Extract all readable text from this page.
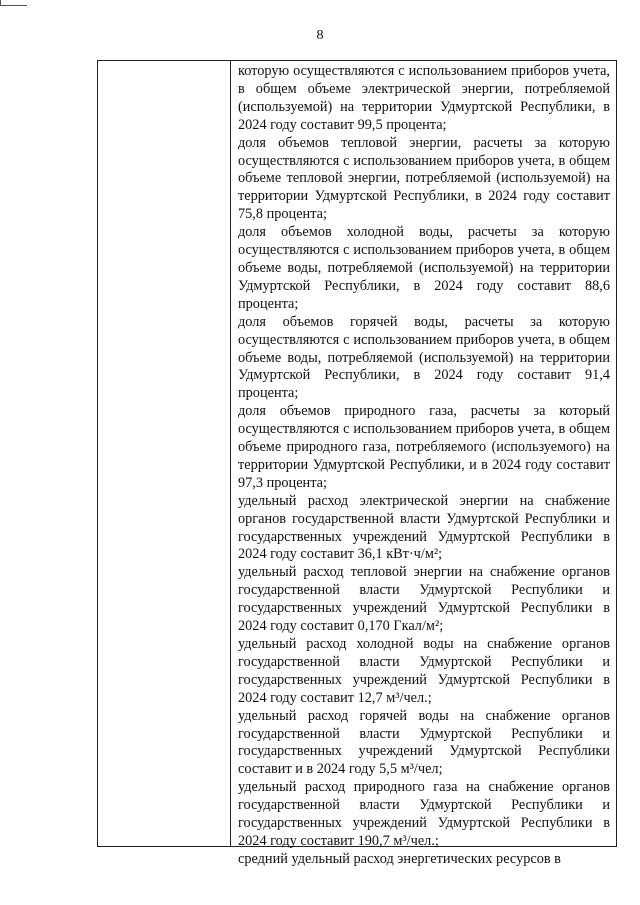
8

которую осуществляются с использованием приборов учета, в общем объеме электрической энергии, потребляемой (используемой) на территории Удмуртской Республики, в 2024 году составит 99,5 процента;

доля объемов тепловой энергии, расчеты за которую осуществляются с использованием приборов учета, в общем объеме тепловой энергии, потребляемой (используемой) на территории Удмуртской Республики, в 2024 году составит 75,8 процента;

доля объемов холодной воды, расчеты за которую осуществляются с использованием приборов учета, в общем объеме воды, потребляемой (используемой) на территории Удмуртской Республики, в 2024 году составит 88,6 процента;

доля объемов горячей воды, расчеты за которую осуществляются с использованием приборов учета, в общем объеме воды, потребляемой (используемой) на территории Удмуртской Республики, в 2024 году составит 91,4 процента;

доля объемов природного газа, расчеты за который осуществляются с использованием приборов учета, в общем объеме природного газа, потребляемого (используемого) на территории Удмуртской Республики, и в 2024 году составит 97,3 процента;

удельный расход электрической энергии на снабжение органов государственной власти Удмуртской Республики и государственных учреждений Удмуртской Республики в 2024 году составит 36,1 кВт·ч/м²;

удельный расход тепловой энергии на снабжение органов государственной власти Удмуртской Республики и государственных учреждений Удмуртской Республики в 2024 году составит 0,170 Гкал/м²;

удельный расход холодной воды на снабжение органов государственной власти Удмуртской Республики и государственных учреждений Удмуртской Республики в 2024 году составит 12,7 м³/чел.;

удельный расход горячей воды на снабжение органов государственной власти Удмуртской Республики и государственных учреждений Удмуртской Республики составит и в 2024 году 5,5 м³/чел;

удельный расход природного газа на снабжение органов государственной власти Удмуртской Республики и государственных учреждений Удмуртской Республики в 2024 году составит 190,7 м³/чел.;

средний удельный расход энергетических ресурсов в
